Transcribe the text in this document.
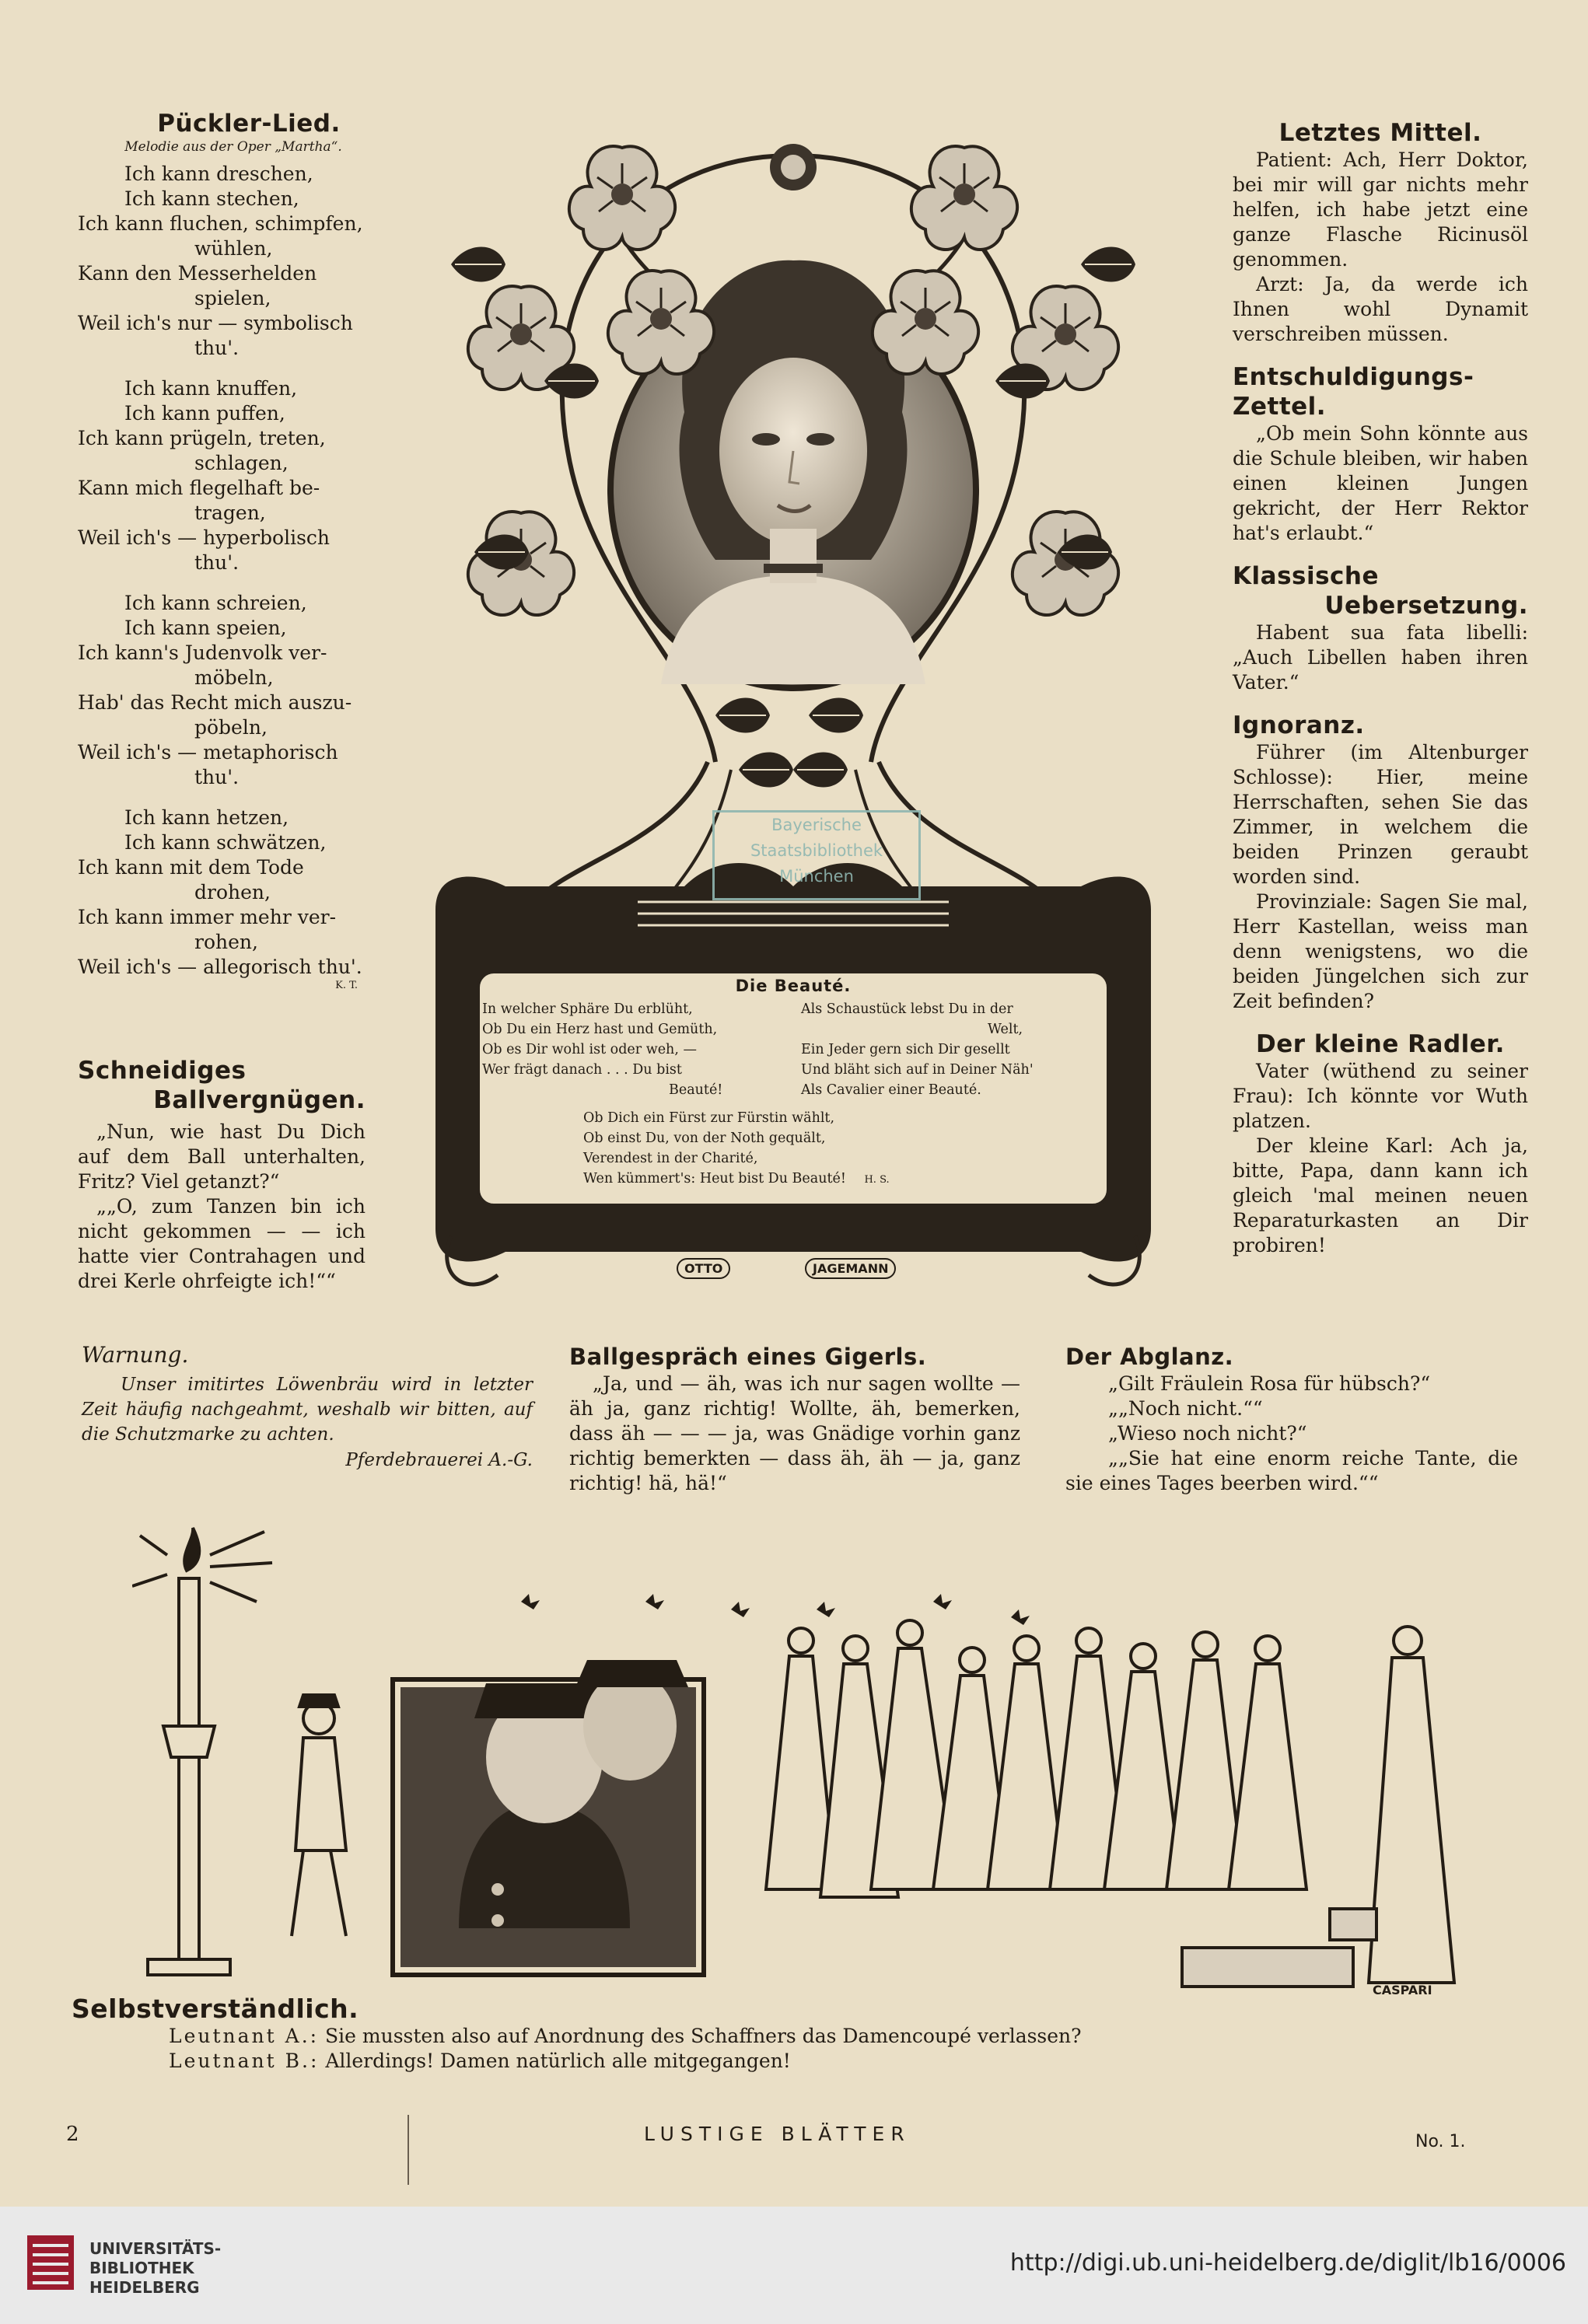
Pückler-Lied.
Melodie aus der Oper „Martha“.
Ich kann dreschen,
Ich kann stechen,
Ich kann fluchen, schimpfen,
wühlen,
Kann den Messerhelden
spielen,
Weil ich's nur — symbolisch
thu'.
Ich kann knuffen,
Ich kann puffen,
Ich kann prügeln, treten,
schlagen,
Kann mich flegelhaft be-
tragen,
Weil ich's — hyperbolisch
thu'.
Ich kann schreien,
Ich kann speien,
Ich kann's Judenvolk ver-
möbeln,
Hab' das Recht mich auszu-
pöbeln,
Weil ich's — metaphorisch
thu'.
Ich kann hetzen,
Ich kann schwätzen,
Ich kann mit dem Tode
drohen,
Ich kann immer mehr ver-
rohen,
Weil ich's — allegorisch thu'.
K. T.
Schneidiges
Ballvergnügen.

„Nun, wie hast Du Dich auf dem Ball unterhalten, Fritz? Viel getanzt?“

„„O, zum Tanzen bin ich nicht gekommen — — ich hatte vier Contrahagen und drei Kerle ohrfeigte ich!““

Bayerische
Staatsbibliothek
München
Die Beauté.
In welcher Sphäre Du erblüht,
Ob Du ein Herz hast und Gemüth,
Ob es Dir wohl ist oder weh, —
Wer frägt danach . . . Du bist
Beauté!
Als Schaustück lebst Du in der
Welt,
Ein Jeder gern sich Dir gesellt
Und bläht sich auf in Deiner Näh'
Als Cavalier einer Beauté.
Ob Dich ein Fürst zur Fürstin wählt,
Ob einst Du, von der Noth gequält,
Verendest in der Charité,
Wen kümmert's: Heut bist Du Beauté! H. S.
OTTO	JAGEMANN
Letztes Mittel.

Patient: Ach, Herr Doktor, bei mir will gar nichts mehr helfen, ich habe jetzt eine ganze Flasche Ricinusöl genommen.

Arzt: Ja, da werde ich Ihnen wohl Dynamit verschreiben müssen.

Entschuldigungs-Zettel.

„Ob mein Sohn könnte aus die Schule bleiben, wir haben einen kleinen Jungen gekricht, der Herr Rektor hat's erlaubt.“

Klassische
Uebersetzung.

Habent sua fata libelli: „Auch Libellen haben ihren Vater.“

Ignoranz.

Führer (im Altenburger Schlosse): Hier, meine Herrschaften, sehen Sie das Zimmer, in welchem die beiden Prinzen geraubt worden sind.

Provinziale: Sagen Sie mal, Herr Kastellan, weiss man denn wenigstens, wo die beiden Jüngelchen sich zur Zeit befinden?

Der kleine Radler.

Vater (wüthend zu seiner Frau): Ich könnte vor Wuth platzen.

Der kleine Karl: Ach ja, bitte, Papa, dann kann ich gleich 'mal meinen neuen Reparaturkasten an Dir probiren!

Warnung.

Unser imitirtes Löwenbräu wird in letzter Zeit häufig nachgeahmt, weshalb wir bitten, auf die Schutzmarke zu achten.

Pferdebrauerei A.-G.
Ballgespräch eines Gigerls.

„Ja, und — äh, was ich nur sagen wollte — äh ja, ganz richtig! Wollte, äh, bemerken, dass äh — — — ja, was Gnädige vorhin ganz richtig bemerkten — dass äh, äh — ja, ganz richtig! hä, hä!“

Der Abglanz.
„Gilt Fräulein Rosa für hübsch?“
„„Noch nicht.““
„Wieso noch nicht?“

„„Sie hat eine enorm reiche Tante, die sie eines Tages beerben wird.““

CASPARI
Selbstverständlich.
Leutnant A.: Sie mussten also auf Anordnung des Schaffners das Damencoupé verlassen?
Leutnant B.: Allerdings! Damen natürlich alle mitgegangen!
2	LUSTIGE BLÄTTER	No. 1.
UNIVERSITÄTS-
BIBLIOTHEK
HEIDELBERG
http://digi.ub.uni-heidelberg.de/diglit/lb16/0006
